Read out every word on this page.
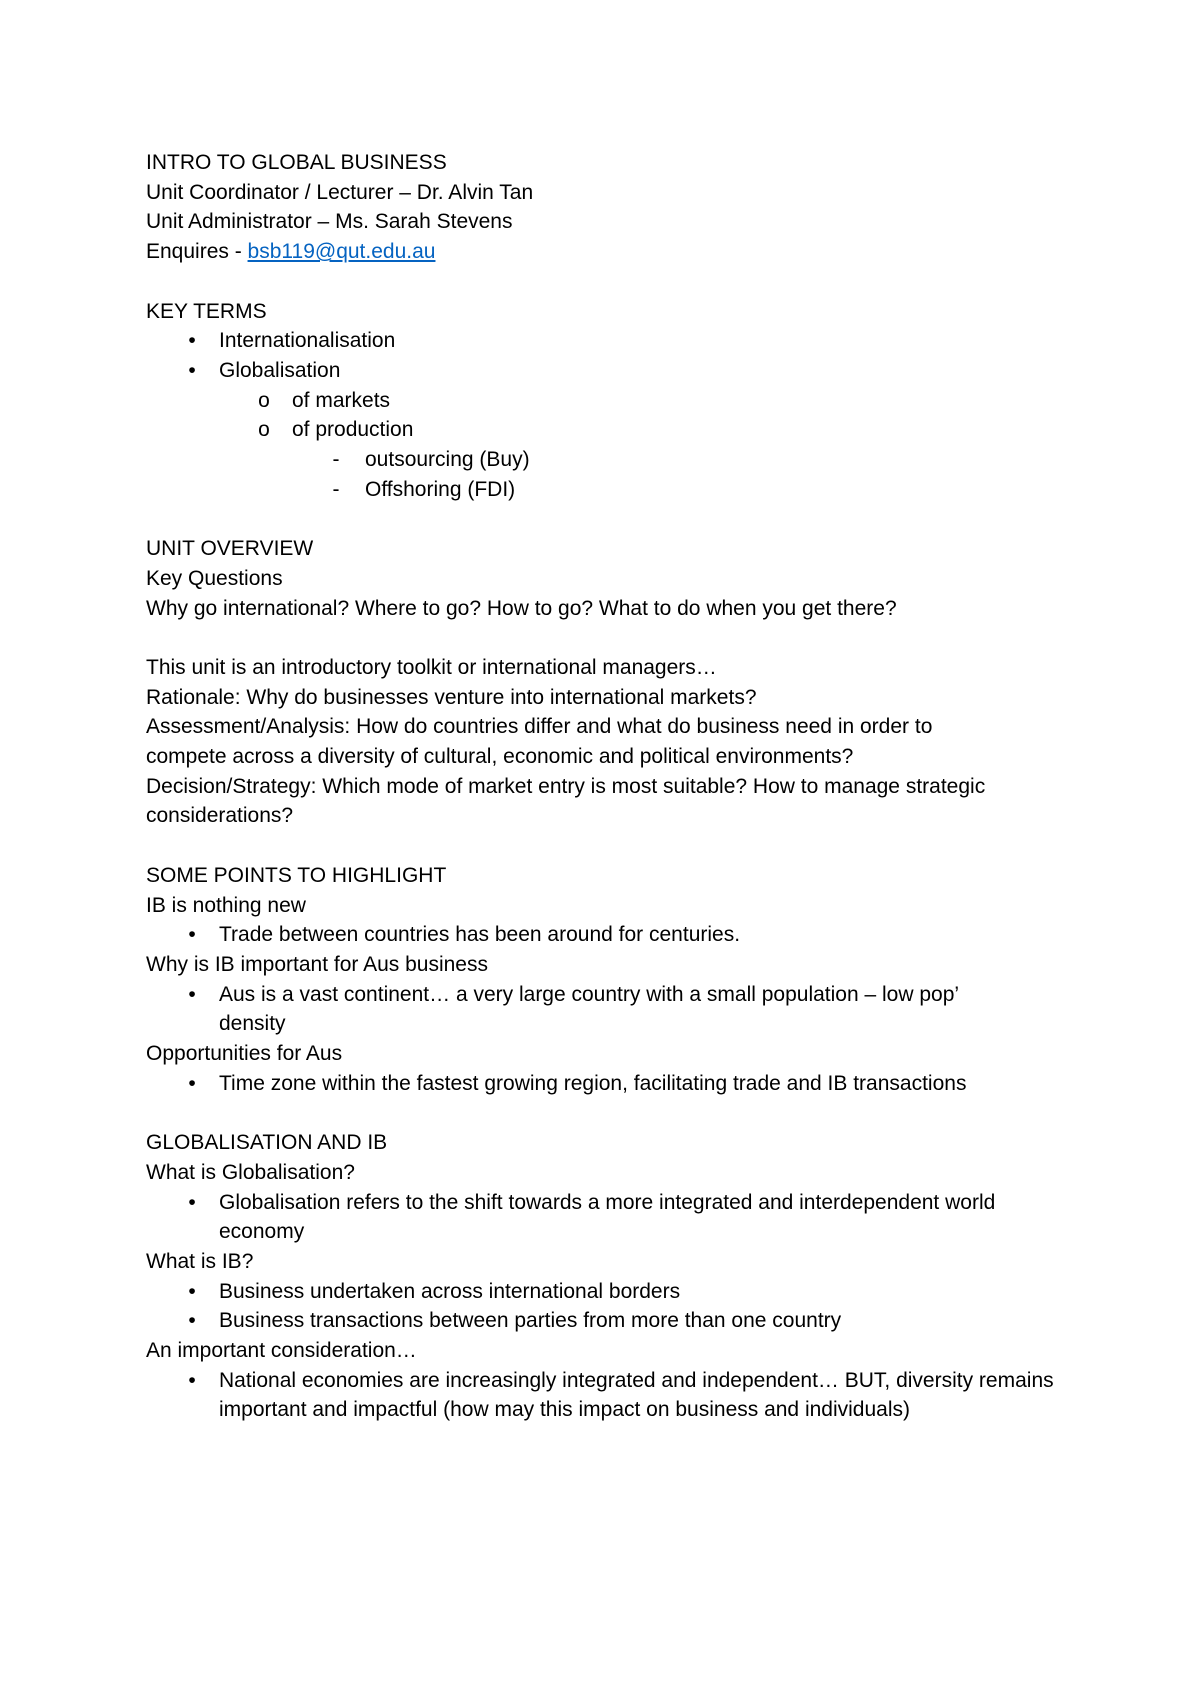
INTRO TO GLOBAL BUSINESS
Unit Coordinator / Lecturer – Dr. Alvin Tan
Unit Administrator – Ms. Sarah Stevens
Enquires - bsb119@qut.edu.au
KEY TERMS
•	Internationalisation
•	Globalisation
o of markets
o of production
-	outsourcing (Buy)
-	Offshoring (FDI)
UNIT OVERVIEW
Key Questions
Why go international? Where to go? How to go? What to do when you get there?
This unit is an introductory toolkit or international managers…
Rationale: Why do businesses venture into international markets?
Assessment/Analysis: How do countries differ and what do business need in order to compete across a diversity of cultural, economic and political environments?
Decision/Strategy: Which mode of market entry is most suitable? How to manage strategic considerations?
SOME POINTS TO HIGHLIGHT
IB is nothing new
•	Trade between countries has been around for centuries.
Why is IB important for Aus business
•	Aus is a vast continent… a very large country with a small population – low pop’ density
Opportunities for Aus
•	Time zone within the fastest growing region, facilitating trade and IB transactions
GLOBALISATION AND IB
What is Globalisation?
•	Globalisation refers to the shift towards a more integrated and interdependent world economy
What is IB?
•	Business undertaken across international borders
•	Business transactions between parties from more than one country
An important consideration…
•	National economies are increasingly integrated and independent… BUT, diversity remains important and impactful (how may this impact on business and individuals)
